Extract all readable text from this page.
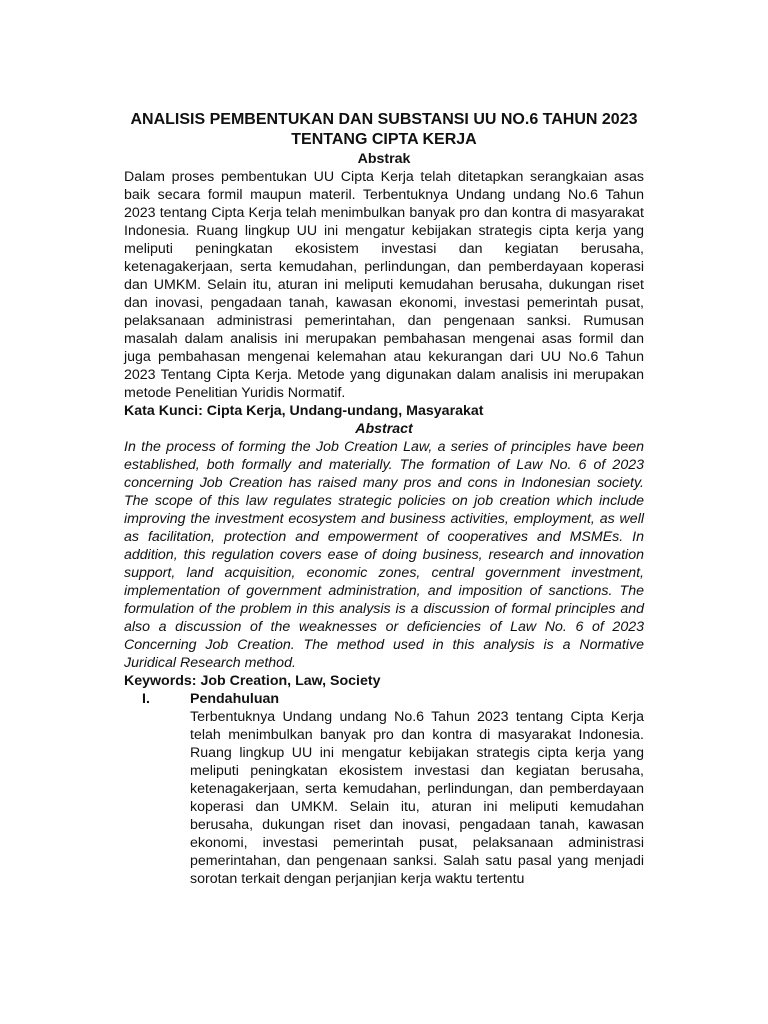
ANALISIS PEMBENTUKAN DAN SUBSTANSI UU NO.6 TAHUN 2023 TENTANG CIPTA KERJA

Abstrak

Dalam proses pembentukan UU Cipta Kerja telah ditetapkan serangkaian asas baik secara formil maupun materil. Terbentuknya Undang undang No.6 Tahun 2023 tentang Cipta Kerja telah menimbulkan banyak pro dan kontra di masyarakat Indonesia. Ruang lingkup UU ini mengatur kebijakan strategis cipta kerja yang meliputi peningkatan ekosistem investasi dan kegiatan berusaha, ketenagakerjaan, serta kemudahan, perlindungan, dan pemberdayaan koperasi dan UMKM. Selain itu, aturan ini meliputi kemudahan berusaha, dukungan riset dan inovasi, pengadaan tanah, kawasan ekonomi, investasi pemerintah pusat, pelaksanaan administrasi pemerintahan, dan pengenaan sanksi. Rumusan masalah dalam analisis ini merupakan pembahasan mengenai asas formil dan juga pembahasan mengenai kelemahan atau kekurangan dari UU No.6 Tahun 2023 Tentang Cipta Kerja. Metode yang digunakan dalam analisis ini merupakan metode Penelitian Yuridis Normatif.

Kata Kunci: Cipta Kerja, Undang-undang, Masyarakat

Abstract

In the process of forming the Job Creation Law, a series of principles have been established, both formally and materially. The formation of Law No. 6 of 2023 concerning Job Creation has raised many pros and cons in Indonesian society. The scope of this law regulates strategic policies on job creation which include improving the investment ecosystem and business activities, employment, as well as facilitation, protection and empowerment of cooperatives and MSMEs. In addition, this regulation covers ease of doing business, research and innovation support, land acquisition, economic zones, central government investment, implementation of government administration, and imposition of sanctions. The formulation of the problem in this analysis is a discussion of formal principles and also a discussion of the weaknesses or deficiencies of Law No. 6 of 2023 Concerning Job Creation. The method used in this analysis is a Normative Juridical Research method.

Keywords: Job Creation, Law, Society

I.	Pendahuluan

Terbentuknya Undang undang No.6 Tahun 2023 tentang Cipta Kerja telah menimbulkan banyak pro dan kontra di masyarakat Indonesia. Ruang lingkup UU ini mengatur kebijakan strategis cipta kerja yang meliputi peningkatan ekosistem investasi dan kegiatan berusaha, ketenagakerjaan, serta kemudahan, perlindungan, dan pemberdayaan koperasi dan UMKM. Selain itu, aturan ini meliputi kemudahan berusaha, dukungan riset dan inovasi, pengadaan tanah, kawasan ekonomi, investasi pemerintah pusat, pelaksanaan administrasi pemerintahan, dan pengenaan sanksi. Salah satu pasal yang menjadi sorotan terkait dengan perjanjian kerja waktu tertentu
